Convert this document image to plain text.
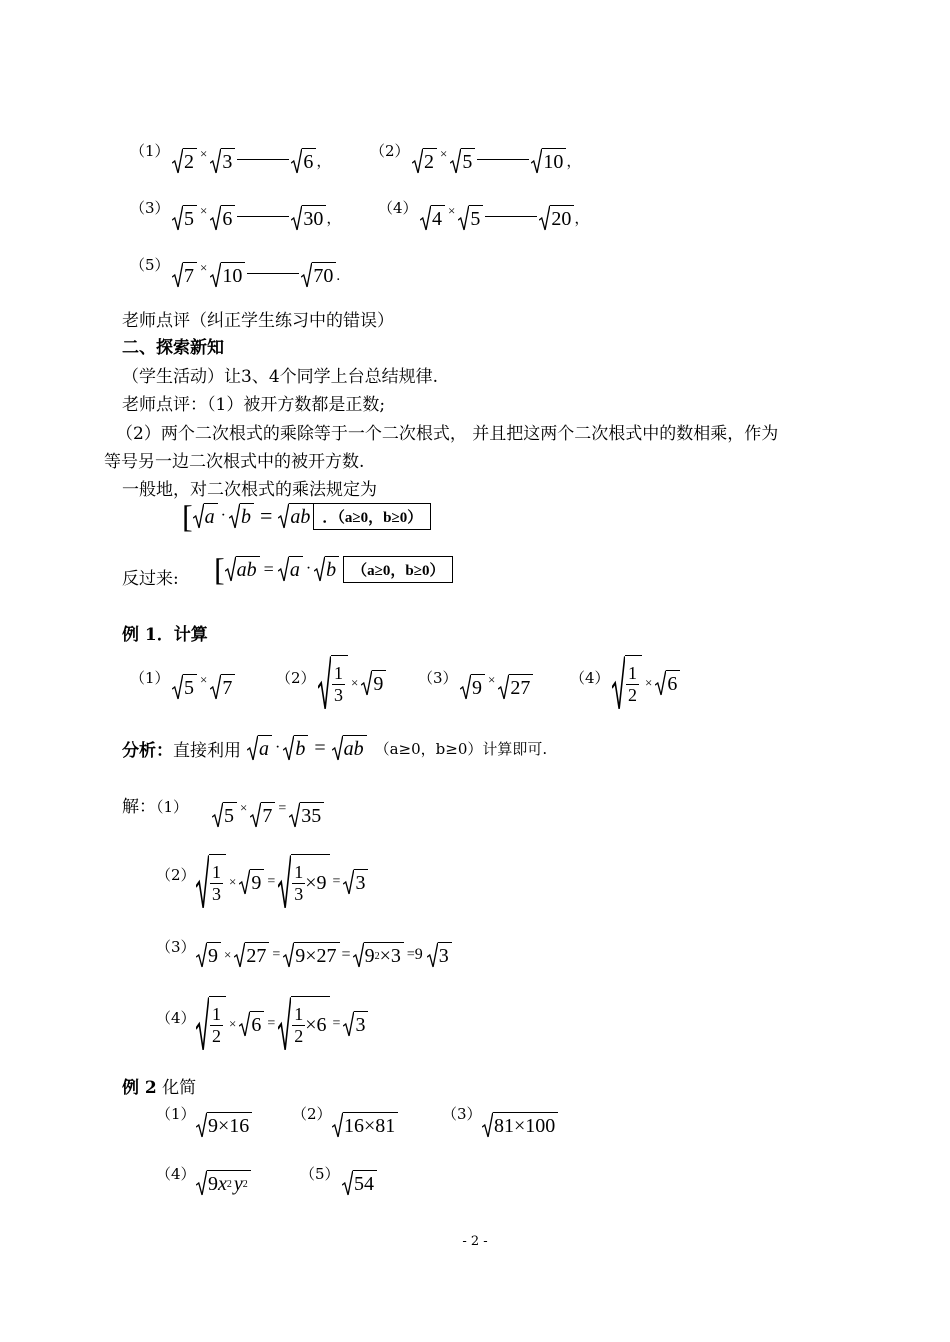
（1） 2 × 3	6 ，
（2） 2 × 5	10 ，
（3） 5 × 6	30 ，
（4） 4 × 5	20 ，
（5） 7 × 10	70 .
老师点评（纠正学生练习中的错误）
二、探索新知
（学生活动）让3、4个同学上台总结规律.
老师点评：（1）被开方数都是正数;
（2）两个二次根式的乘除等于一个二次根式， 并且把这两个二次根式中的数相乘，作为
等号另一边二次根式中的被开方数.
一般地，对二次根式的乘法规定为
[ a · b = ab ．（a≥0，b≥0）
反过来: [ ab = a · b	（a≥0，b≥0）
例 1．计算
（1） 5 × 7	$(2) \frac{1}{3} \times 9$ （3） 9 × 27	$(4) \frac{1}{2} \times 6$
分析： 直接利用 a · b = ab （a≥0，b≥0）计算即可.
解：（1） 5 × 7 = 35
$(2) \frac{1}{3} \times 9 = \frac{1}{3} \times 9 = 3$
（3） 9 × 27 = 9×27 = 9 2 ×3 = 9 3
$(4) \frac{1}{2} \times 6 = \frac{1}{2} \times 6 = 3$
例 2 化简
（1）
9×16
（2）
16×81
（3）
81×100
（4） 9 x 2 y 2
（5） 54
- 2 -
